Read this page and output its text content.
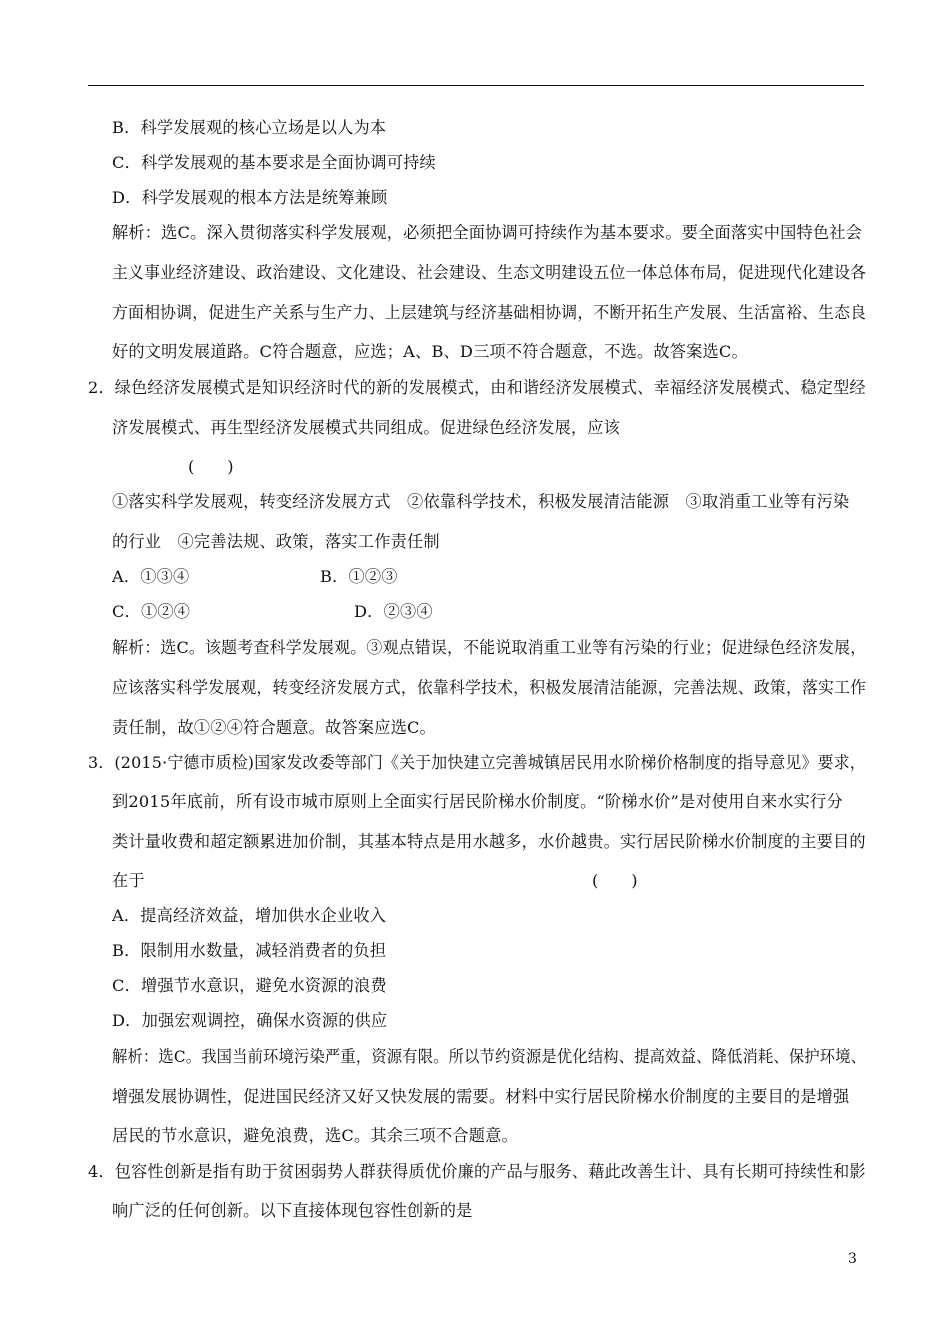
B．科学发展观的核心立场是以人为本
C．科学发展观的基本要求是全面协调可持续
D．科学发展观的根本方法是统筹兼顾
解析：选C。深入贯彻落实科学发展观，必须把全面协调可持续作为基本要求。要全面落实中国特色社会
主义事业经济建设、政治建设、文化建设、社会建设、生态文明建设五位一体总体布局，促进现代化建设各
方面相协调，促进生产关系与生产力、上层建筑与经济基础相协调，不断开拓生产发展、生活富裕、生态良
好的文明发展道路。C符合题意，应选；A、B、D三项不符合题意，不选。故答案选C。
2．绿色经济发展模式是知识经济时代的新的发展模式，由和谐经济发展模式、幸福经济发展模式、稳定型经
济发展模式、再生型经济发展模式共同组成。促进绿色经济发展，应该
(　　)
①落实科学发展观，转变经济发展方式　②依靠科学技术，积极发展清洁能源　③取消重工业等有污染
的行业　④完善法规、政策，落实工作责任制
A．①③④	B．①②③
C．①②④	D．②③④
解析：选C。该题考查科学发展观。③观点错误，不能说取消重工业等有污染的行业；促进绿色经济发展，
应该落实科学发展观，转变经济发展方式，依靠科学技术，积极发展清洁能源，完善法规、政策，落实工作
责任制，故①②④符合题意。故答案应选C。
3．(2015·宁德市质检)国家发改委等部门《关于加快建立完善城镇居民用水阶梯价格制度的指导意见》要求，
到2015年底前，所有设市城市原则上全面实行居民阶梯水价制度。“阶梯水价”是对使用自来水实行分
类计量收费和超定额累进加价制，其基本特点是用水越多，水价越贵。实行居民阶梯水价制度的主要目的
在于	(　　)
A．提高经济效益，增加供水企业收入
B．限制用水数量，减轻消费者的负担
C．增强节水意识，避免水资源的浪费
D．加强宏观调控，确保水资源的供应
解析：选C。我国当前环境污染严重，资源有限。所以节约资源是优化结构、提高效益、降低消耗、保护环境、
增强发展协调性，促进国民经济又好又快发展的需要。材料中实行居民阶梯水价制度的主要目的是增强
居民的节水意识，避免浪费，选C。其余三项不合题意。
4．包容性创新是指有助于贫困弱势人群获得质优价廉的产品与服务、藉此改善生计、具有长期可持续性和影
响广泛的任何创新。以下直接体现包容性创新的是
3
